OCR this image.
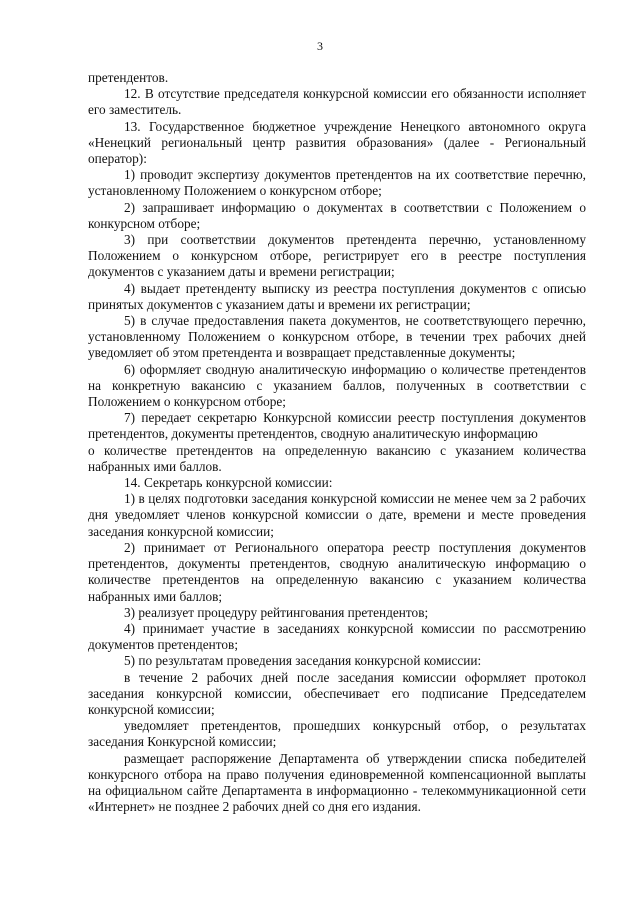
3

претендентов.

12. В отсутствие председателя конкурсной комиссии его обязанности исполняет его заместитель.

13. Государственное бюджетное учреждение Ненецкого автономного округа «Ненецкий региональный центр развития образования» (далее - Региональный оператор):

1) проводит экспертизу документов претендентов на их соответствие перечню, установленному Положением о конкурсном отборе;

2) запрашивает информацию о документах в соответствии с Положением о конкурсном отборе;

3) при соответствии документов претендента перечню, установленному Положением о конкурсном отборе, регистрирует его в реестре поступления документов с указанием даты и времени регистрации;

4) выдает претенденту выписку из реестра поступления документов с описью принятых документов с указанием даты и времени их регистрации;

5) в случае предоставления пакета документов, не соответствующего перечню, установленному Положением о конкурсном отборе, в течении трех рабочих дней уведомляет об этом претендента и возвращает представленные документы;

6) оформляет сводную аналитическую информацию о количестве претендентов на конкретную вакансию с указанием баллов, полученных в соответствии с Положением о конкурсном отборе;

7) передает секретарю Конкурсной комиссии реестр поступления документов претендентов, документы претендентов, сводную аналитическую информацию

о количестве претендентов на определенную вакансию с указанием количества набранных ими баллов.

14. Секретарь конкурсной комиссии:

1) в целях подготовки заседания конкурсной комиссии не менее чем за 2 рабочих дня уведомляет членов конкурсной комиссии о дате, времени и месте проведения заседания конкурсной комиссии;

2) принимает от Регионального оператора реестр поступления документов претендентов, документы претендентов, сводную аналитическую информацию о количестве претендентов на определенную вакансию с указанием количества набранных ими баллов;

3) реализует процедуру рейтингования претендентов;

4) принимает участие в заседаниях конкурсной комиссии по рассмотрению документов претендентов;

5) по результатам проведения заседания конкурсной комиссии:

в течение 2 рабочих дней после заседания комиссии оформляет протокол заседания конкурсной комиссии, обеспечивает его подписание Председателем конкурсной комиссии;

уведомляет претендентов, прошедших конкурсный отбор, о результатах заседания Конкурсной комиссии;

размещает распоряжение Департамента об утверждении списка победителей конкурсного отбора на право получения единовременной компенсационной выплаты на официальном сайте Департамента в информационно - телекоммуникационной сети «Интернет» не позднее 2 рабочих дней со дня его издания.
